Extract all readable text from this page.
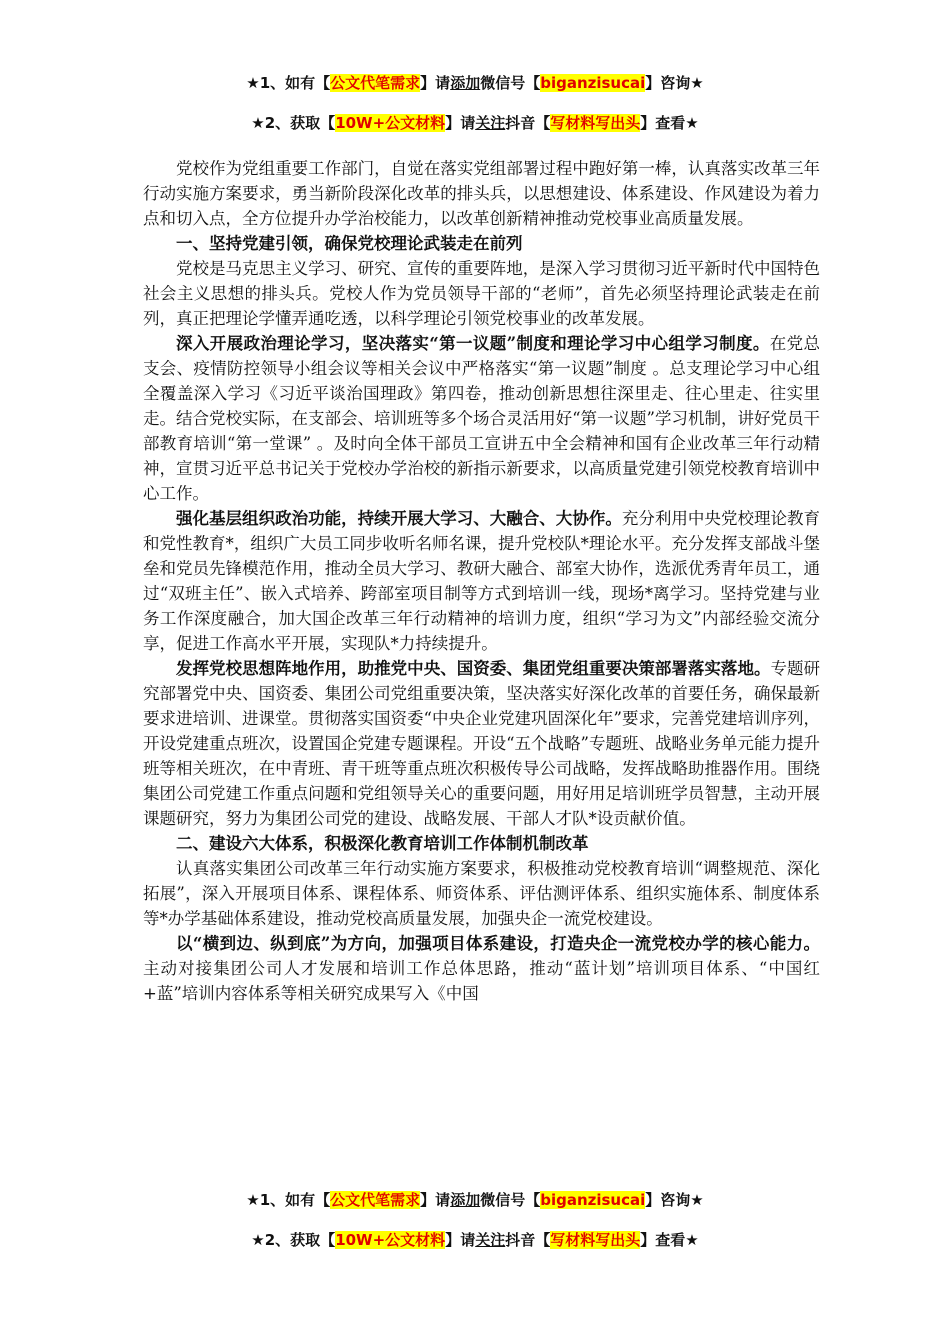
★1、如有【公文代笔需求】请添加微信号【biganzisucai】咨询★
★2、获取【10W+公文材料】请关注抖音【写材料写出头】查看★

党校作为党组重要工作部门，自觉在落实党组部署过程中跑好第一棒，认真落实改革三年行动实施方案要求，勇当新阶段深化改革的排头兵，以思想建设、体系建设、作风建设为着力点和切入点，全方位提升办学治校能力，以改革创新精神推动党校事业高质量发展。

一、坚持党建引领，确保党校理论武装走在前列

党校是马克思主义学习、研究、宣传的重要阵地，是深入学习贯彻习近平新时代中国特色社会主义思想的排头兵。党校人作为党员领导干部的“老师”，首先必须坚持理论武装走在前列，真正把理论学懂弄通吃透，以科学理论引领党校事业的改革发展。

深入开展政治理论学习，坚决落实“第一议题”制度和理论学习中心组学习制度。在党总支会、疫情防控领导小组会议等相关会议中严格落实“第一议题”制度 。总支理论学习中心组全覆盖深入学习《习近平谈治国理政》第四卷，推动创新思想往深里走、往心里走、往实里走。结合党校实际，在支部会、培训班等多个场合灵活用好“第一议题”学习机制，讲好党员干部教育培训“第一堂课” 。及时向全体干部员工宣讲五中全会精神和国有企业改革三年行动精神，宣贯习近平总书记关于党校办学治校的新指示新要求，以高质量党建引领党校教育培训中心工作。

强化基层组织政治功能，持续开展大学习、大融合、大协作。充分利用中央党校理论教育和党性教育*，组织广大员工同步收听名师名课，提升党校队*理论水平。充分发挥支部战斗堡垒和党员先锋模范作用，推动全员大学习、教研大融合、部室大协作，选派优秀青年员工，通过“双班主任”、嵌入式培养、跨部室项目制等方式到培训一线，现场*离学习。坚持党建与业务工作深度融合，加大国企改革三年行动精神的培训力度，组织“学习为文”内部经验交流分享，促进工作高水平开展，实现队*力持续提升。

发挥党校思想阵地作用，助推党中央、国资委、集团党组重要决策部署落实落地。专题研究部署党中央、国资委、集团公司党组重要决策，坚决落实好深化改革的首要任务，确保最新要求进培训、进课堂。贯彻落实国资委“中央企业党建巩固深化年”要求，完善党建培训序列，开设党建重点班次，设置国企党建专题课程。开设“五个战略”专题班、战略业务单元能力提升班等相关班次，在中青班、青干班等重点班次积极传导公司战略，发挥战略助推器作用。围绕集团公司党建工作重点问题和党组领导关心的重要问题，用好用足培训班学员智慧，主动开展课题研究，努力为集团公司党的建设、战略发展、干部人才队*设贡献价值。

二、建设六大体系，积极深化教育培训工作体制机制改革

认真落实集团公司改革三年行动实施方案要求，积极推动党校教育培训“调整规范、深化拓展”，深入开展项目体系、课程体系、师资体系、评估测评体系、组织实施体系、制度体系等*办学基础体系建设，推动党校高质量发展，加强央企一流党校建设。

以“横到边、纵到底”为方向，加强项目体系建设，打造央企一流党校办学的核心能力。主动对接集团公司人才发展和培训工作总体思路，推动“蓝计划”培训项目体系、“中国红+蓝”培训内容体系等相关研究成果写入《中国

★1、如有【公文代笔需求】请添加微信号【biganzisucai】咨询★
★2、获取【10W+公文材料】请关注抖音【写材料写出头】查看★
